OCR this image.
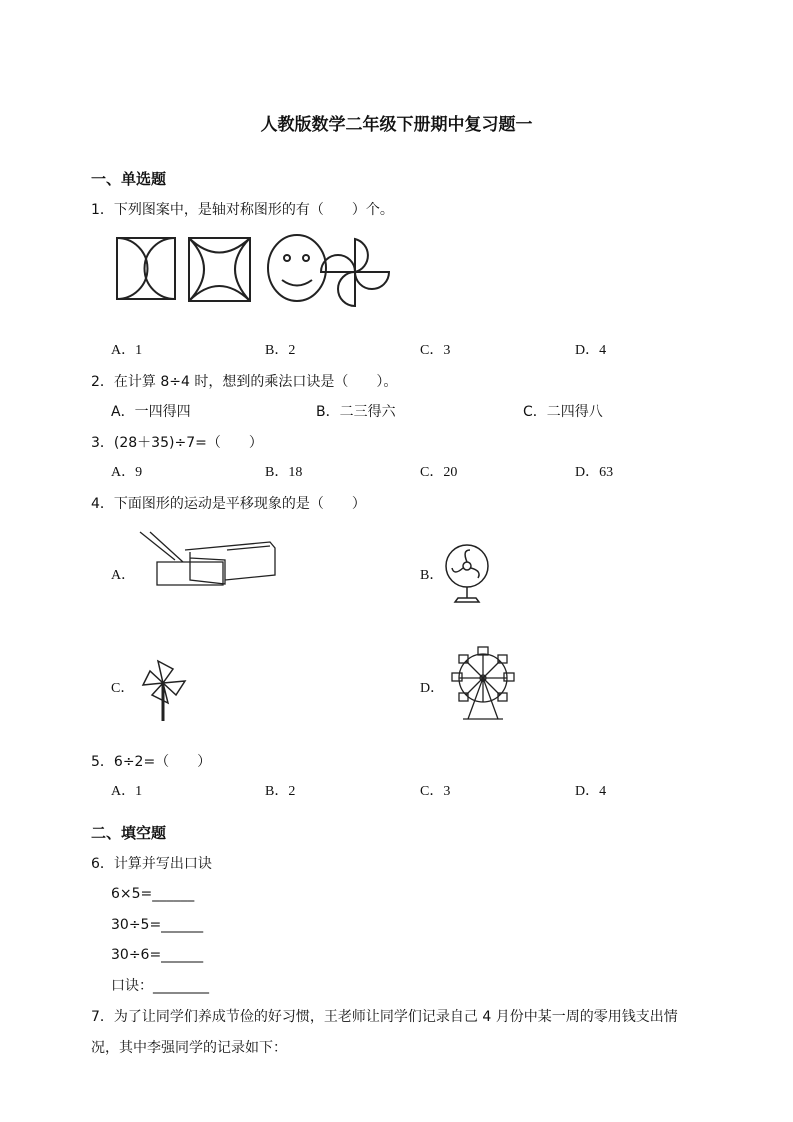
人教版数学二年级下册期中复习题一
一、单选题
1．下列图案中，是轴对称图形的有（　　）个。
A．1	B．2	C．3	D．4
2．在计算 8÷4 时，想到的乘法口诀是（　　）。
A．一四得四	B．二三得六	C．二四得八
3．(28＋35)÷7=（　　）
A．9	B．18	C．20	D．63
4．下面图形的运动是平移现象的是（　　）
A．	B．
C．	D．
5．6÷2=（　　）
A．1	B．2	C．3	D．4
二、填空题
6．计算并写出口诀
6×5=______
30÷5=______
30÷6=______
口诀：________
7．为了让同学们养成节俭的好习惯，王老师让同学们记录自己 4 月份中某一周的零用钱支出情
况，其中李强同学的记录如下：
